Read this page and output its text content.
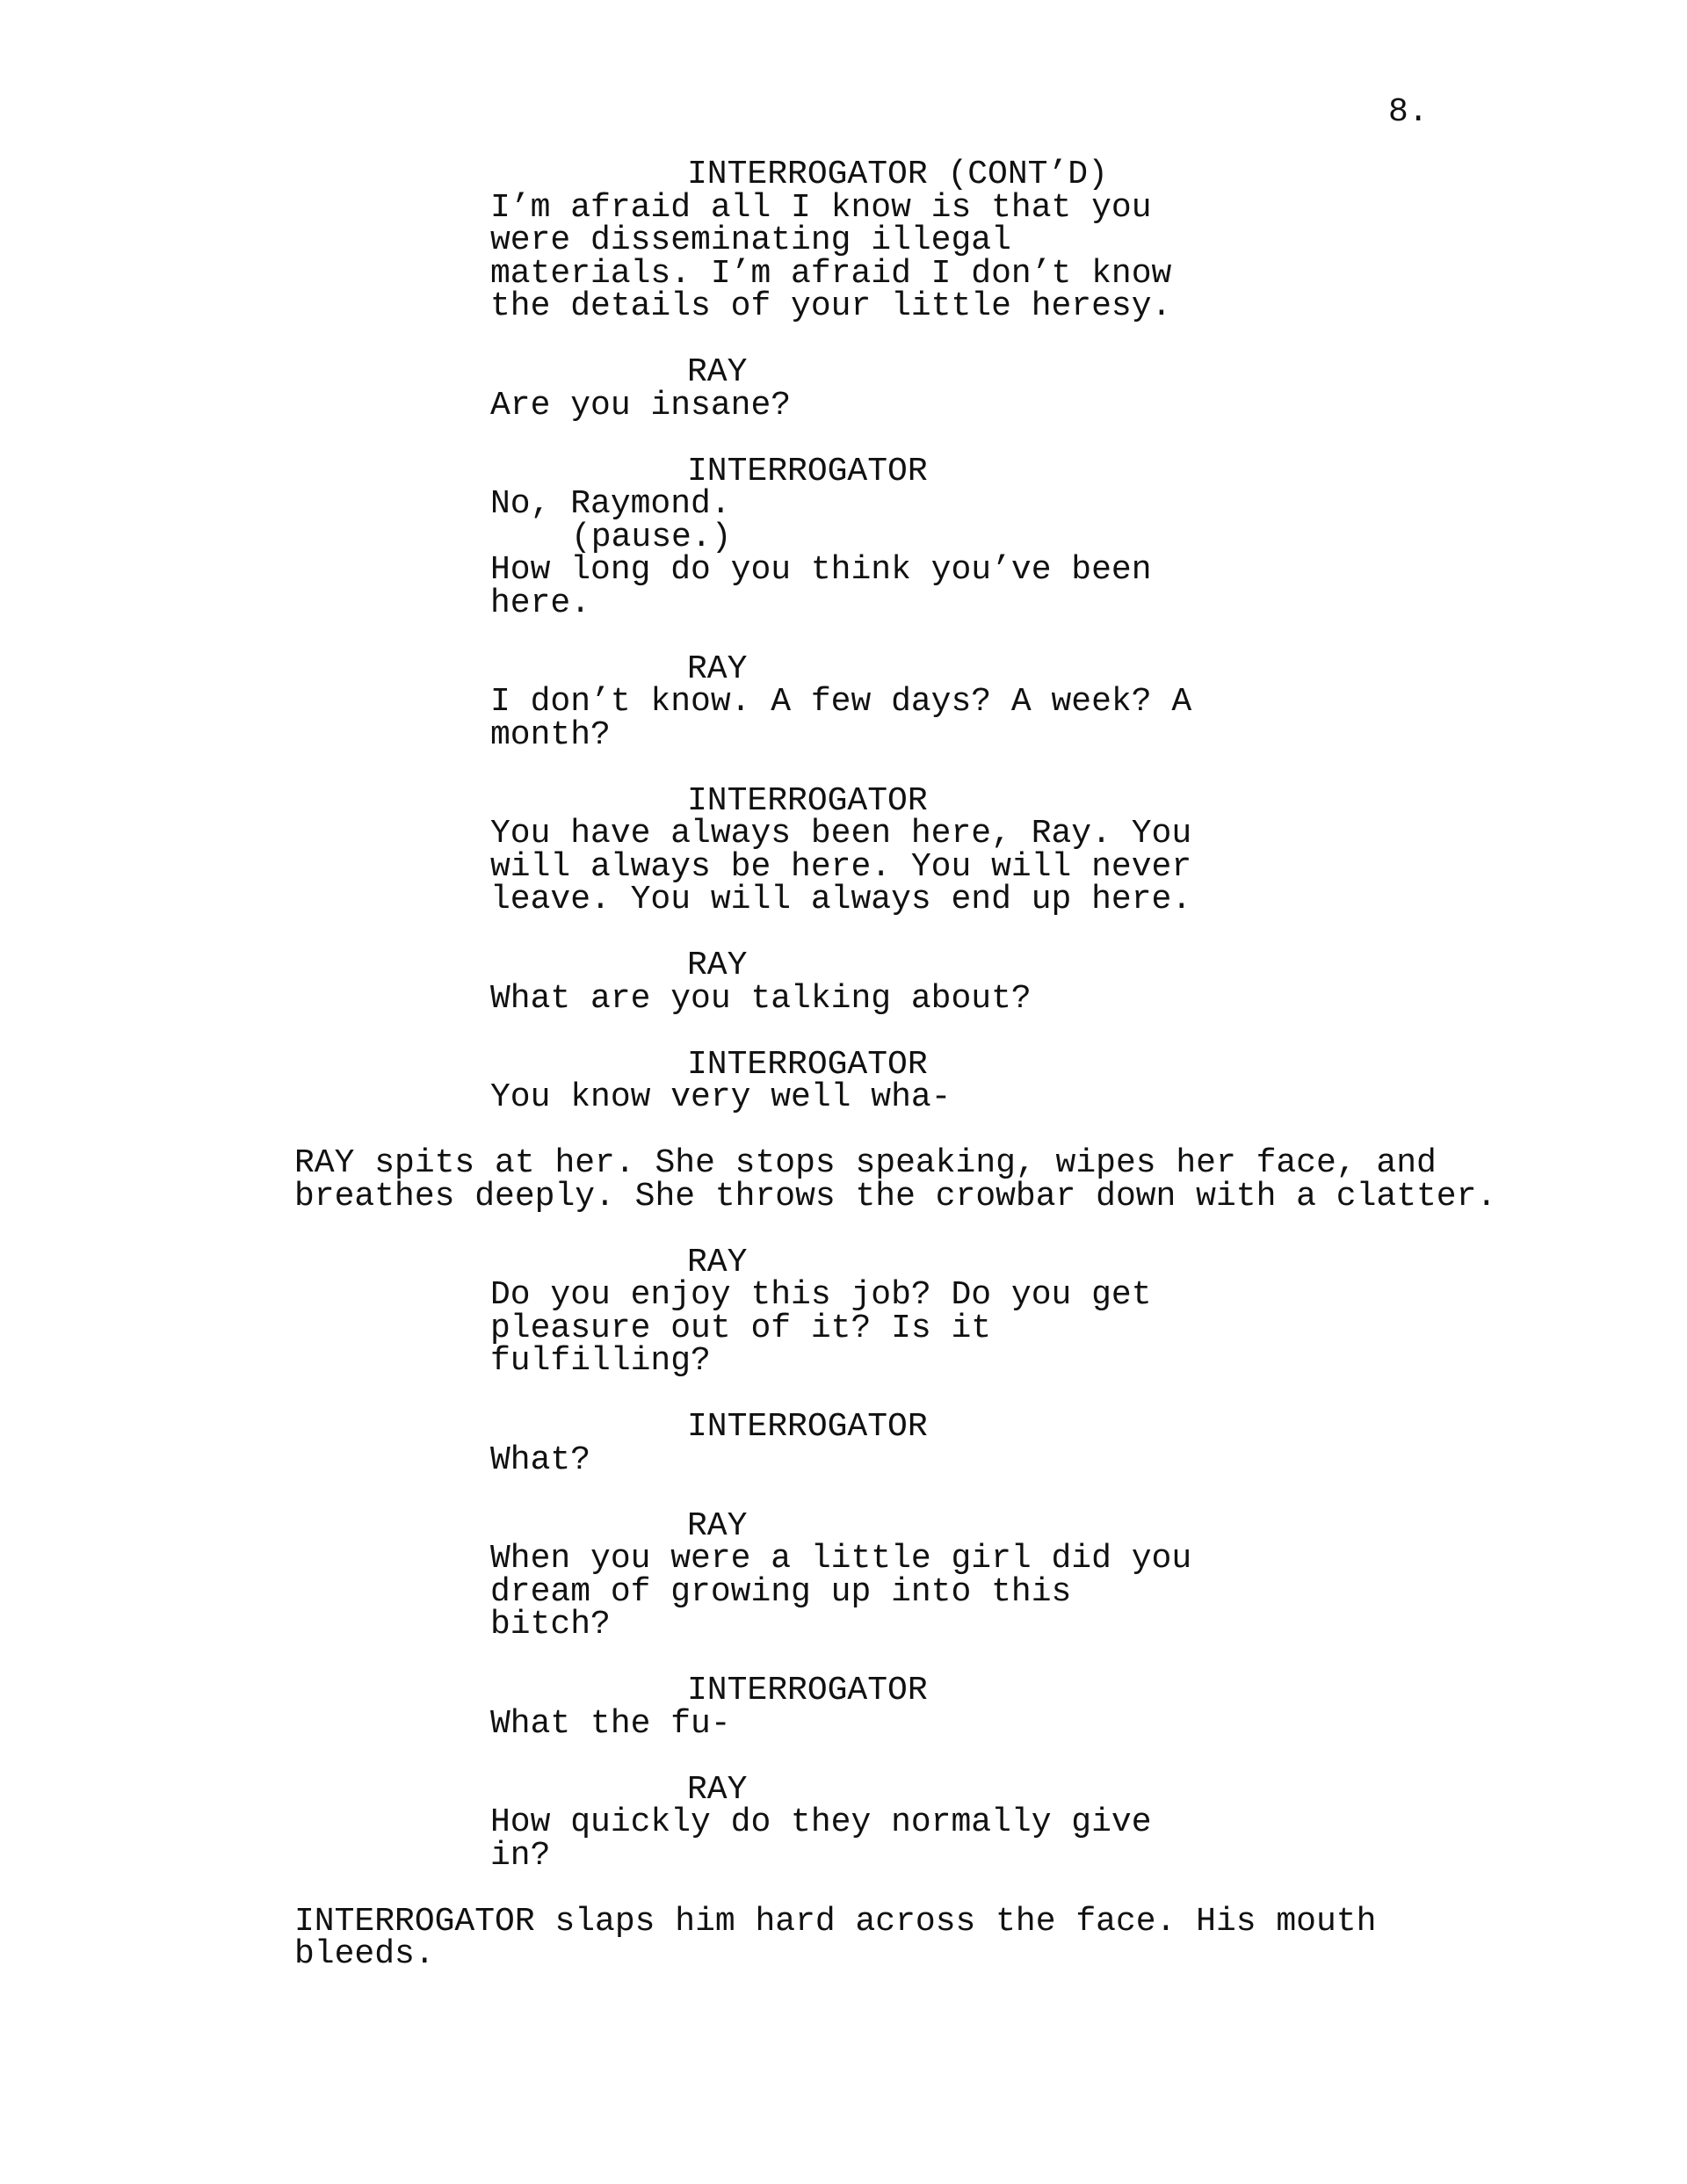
8.
INTERROGATOR (CONT’D)
I’m afraid all I know is that you
were disseminating illegal
materials. I’m afraid I don’t know
the details of your little heresy.
RAY
Are you insane?
INTERROGATOR
No, Raymond.
(pause.)
How long do you think you’ve been
here.
RAY
I don’t know. A few days? A week? A
month?
INTERROGATOR
You have always been here, Ray. You
will always be here. You will never
leave. You will always end up here.
RAY
What are you talking about?
INTERROGATOR
You know very well wha-
RAY spits at her. She stops speaking, wipes her face, and
breathes deeply. She throws the crowbar down with a clatter.
RAY
Do you enjoy this job? Do you get
pleasure out of it? Is it
fulfilling?
INTERROGATOR
What?
RAY
When you were a little girl did you
dream of growing up into this
bitch?
INTERROGATOR
What the fu-
RAY
How quickly do they normally give
in?
INTERROGATOR slaps him hard across the face. His mouth
bleeds.
